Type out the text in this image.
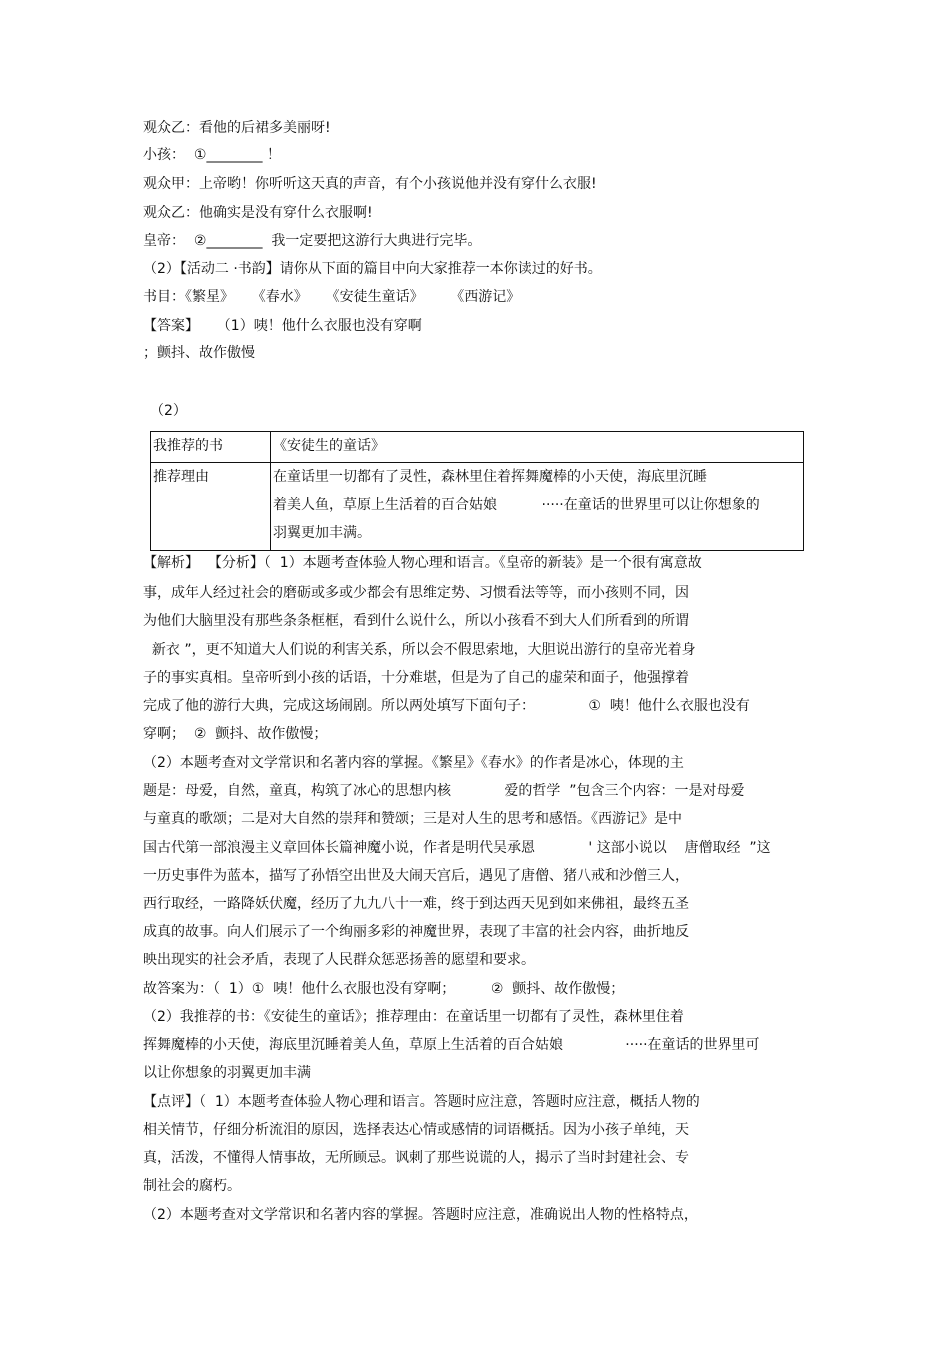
观众乙：看他的后裙多美丽呀!
小孩：  ①________ ！
观众甲：上帝哟！你听听这天真的声音，有个小孩说他并没有穿什么衣服!
观众乙：他确实是没有穿什么衣服啊!
皇帝：  ②________  我一定要把这游行大典进行完毕。
（2）【活动二 ·书韵】请你从下面的篇目中向大家推荐一本你读过的好书。
书目：《繁星》    《春水》    《安徒生童话》      《西游记》
【答案】    （1）咦！他什么衣服也没有穿啊
；颤抖、故作傲慢
（2）
我推荐的书	《安徒生的童话》
推荐理由	在童话里一切都有了灵性，森林里住着挥舞魔棒的小天使，海底里沉睡
着美人鱼，草原上生活着的百合姑娘          ·····在童话的世界里可以让你想象的
羽翼更加丰满。
【解析】  【分析】（  1）本题考查体验人物心理和语言。《皇帝的新装》是一个很有寓意故
事，成年人经过社会的磨砺或多或少都会有思维定势、习惯看法等等，而小孩则不同，因
为他们大脑里没有那些条条框框，看到什么说什么，所以小孩看不到大人们所看到的所谓
新衣 ”，更不知道大人们说的利害关系，所以会不假思索地，大胆说出游行的皇帝光着身
子的事实真相。皇帝听到小孩的话语，十分难堪，但是为了自己的虚荣和面子，他强撑着
完成了他的游行大典，完成这场闹剧。所以两处填写下面句子：            ①  咦！他什么衣服也没有
穿啊；  ②  颤抖、故作傲慢；
（2）本题考查对文学常识和名著内容的掌握。《繁星》《春水》的作者是冰心，体现的主
题是：母爱，自然，童真，构筑了冰心的思想内核            爱的哲学  ”包含三个内容：一是对母爱
与童真的歌颂；二是对大自然的崇拜和赞颂；三是对人生的思考和感悟。《西游记》是中
国古代第一部浪漫主义章回体长篇神魔小说，作者是明代吴承恩            ' 这部小说以    唐僧取经  ”这
一历史事件为蓝本，描写了孙悟空出世及大闹天宫后，遇见了唐僧、猪八戒和沙僧三人，
西行取经，一路降妖伏魔，经历了九九八十一难，终于到达西天见到如来佛祖，最终五圣
成真的故事。向人们展示了一个绚丽多彩的神魔世界，表现了丰富的社会内容，曲折地反
映出现实的社会矛盾，表现了人民群众惩恶扬善的愿望和要求。
故答案为：（  1）①  咦！他什么衣服也没有穿啊；        ②  颤抖、故作傲慢；
（2）我推荐的书：《安徒生的童话》；推荐理由：在童话里一切都有了灵性，森林里住着
挥舞魔棒的小天使，海底里沉睡着美人鱼，草原上生活着的百合姑娘              ·····在童话的世界里可
以让你想象的羽翼更加丰满
【点评】（  1）本题考查体验人物心理和语言。答题时应注意，答题时应注意，概括人物的
相关情节，仔细分析流泪的原因，选择表达心情或感情的词语概括。因为小孩子单纯，天
真，活泼，不懂得人情事故，无所顾忌。讽刺了那些说谎的人，揭示了当时封建社会、专
制社会的腐朽。
（2）本题考查对文学常识和名著内容的掌握。答题时应注意，准确说出人物的性格特点，
